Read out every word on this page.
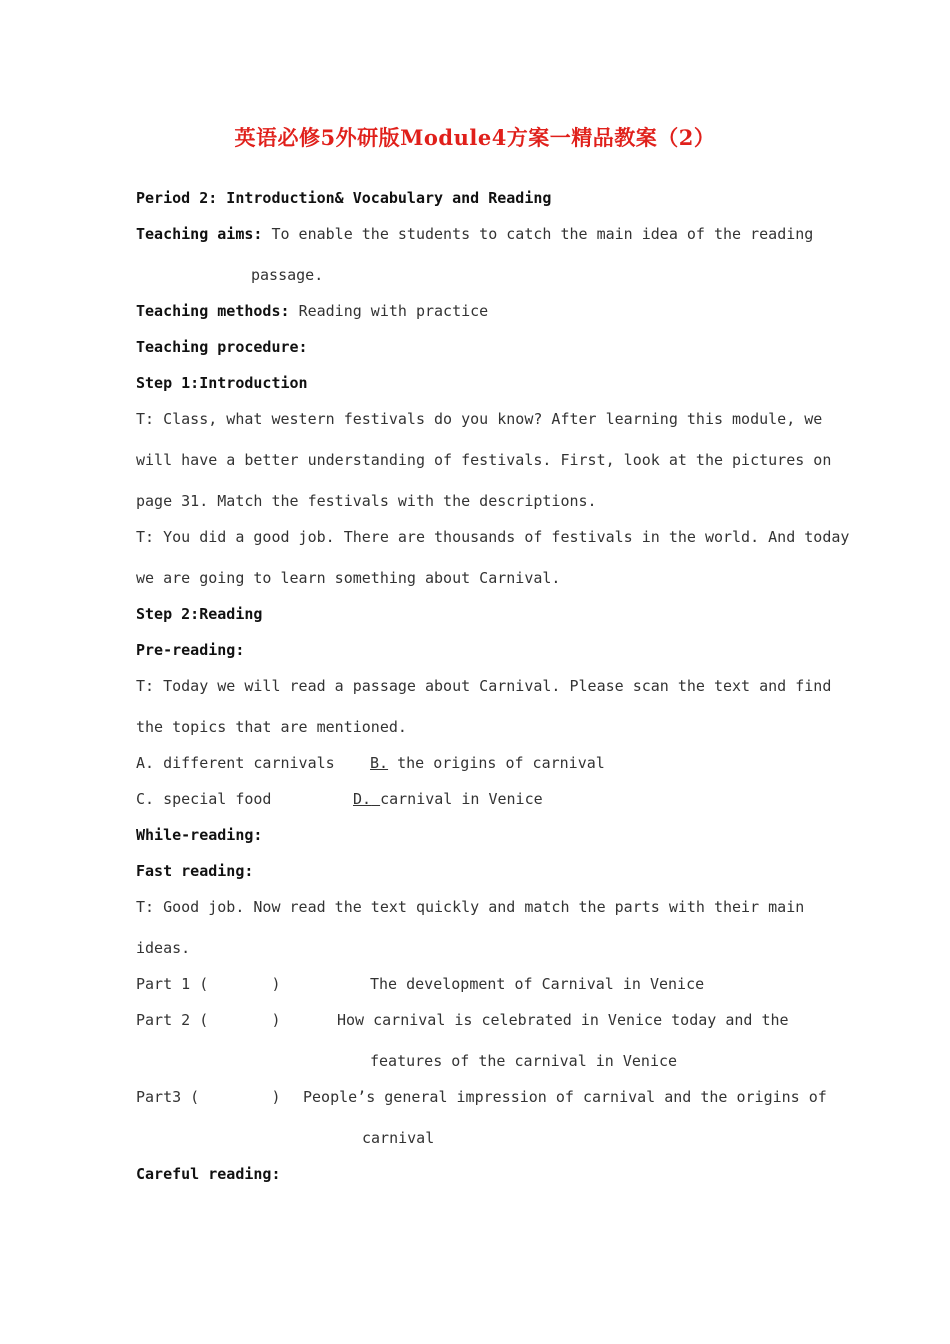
英语必修5外研版Module4方案一精品教案（2）
Period 2: Introduction& Vocabulary and Reading
Teaching aims: To enable the students to catch the main idea of the reading
passage.
Teaching methods: Reading with practice
Teaching procedure:
Step 1:Introduction
T: Class, what western festivals do you know? After learning this module, we
will have a better understanding of festivals. First, look at the pictures on
page 31. Match the festivals with the descriptions.
T: You did a good job. There are thousands of festivals in the world. And today
we are going to learn something about Carnival.
Step 2:Reading
Pre-reading:
T: Today we will read a passage about Carnival. Please scan the text and find
the topics that are mentioned.
A. different carnivals B. the origins of carnival
C. special food	D. carnival in Venice
While-reading:
Fast reading:
T: Good job. Now read the text quickly and match the parts with their main
ideas.
Part 1 (       )	The development of Carnival in Venice
Part 2 (       )	How carnival is celebrated in Venice today and the
features of the carnival in Venice
Part3 (        ) People’s general impression of carnival and the origins of
carnival
Careful reading:
